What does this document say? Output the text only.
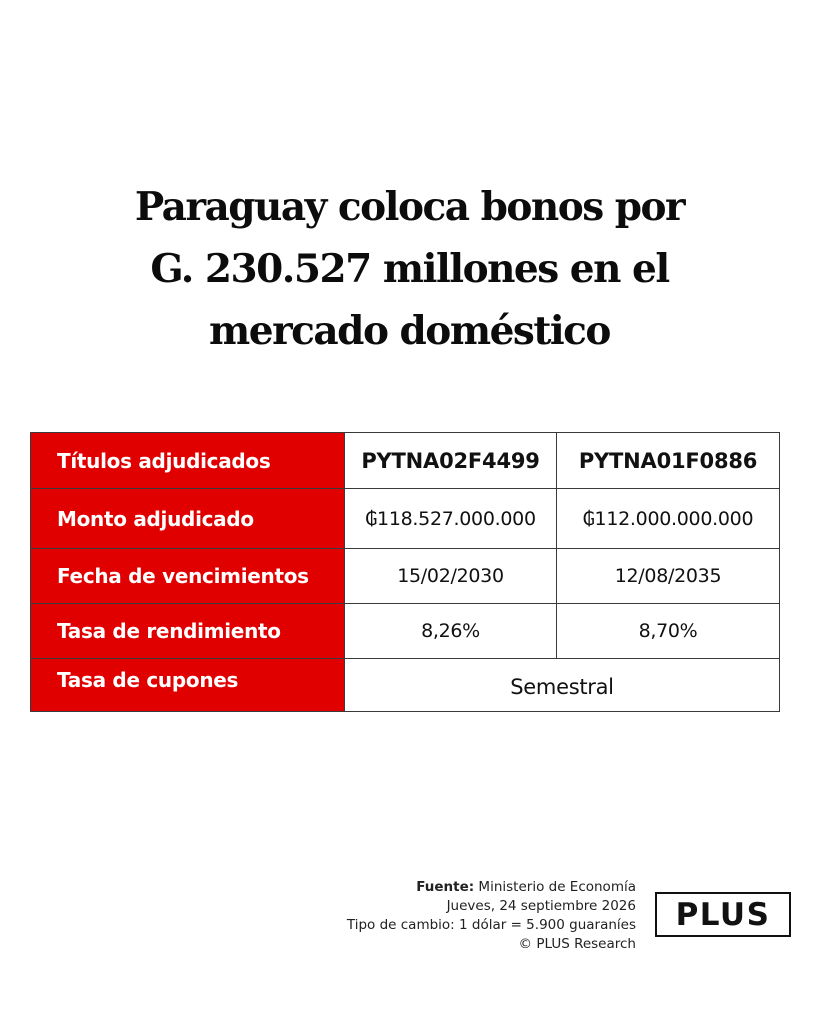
Paraguay coloca bonos por
G. 230.527 millones en el
mercado doméstico
Títulos adjudicados	PYTNA02F4499	PYTNA01F0886
Monto adjudicado	₲118.527.000.000	₲112.000.000.000
Fecha de vencimientos	15/02/2030	12/08/2035
Tasa de rendimiento	8,26%	8,70%
Tasa de cupones	Semestral	
Fuente: Ministerio de Economía
Jueves, 24 septiembre 2026
Tipo de cambio: 1 dólar = 5.900 guaraníes
© PLUS Research
PLUS
